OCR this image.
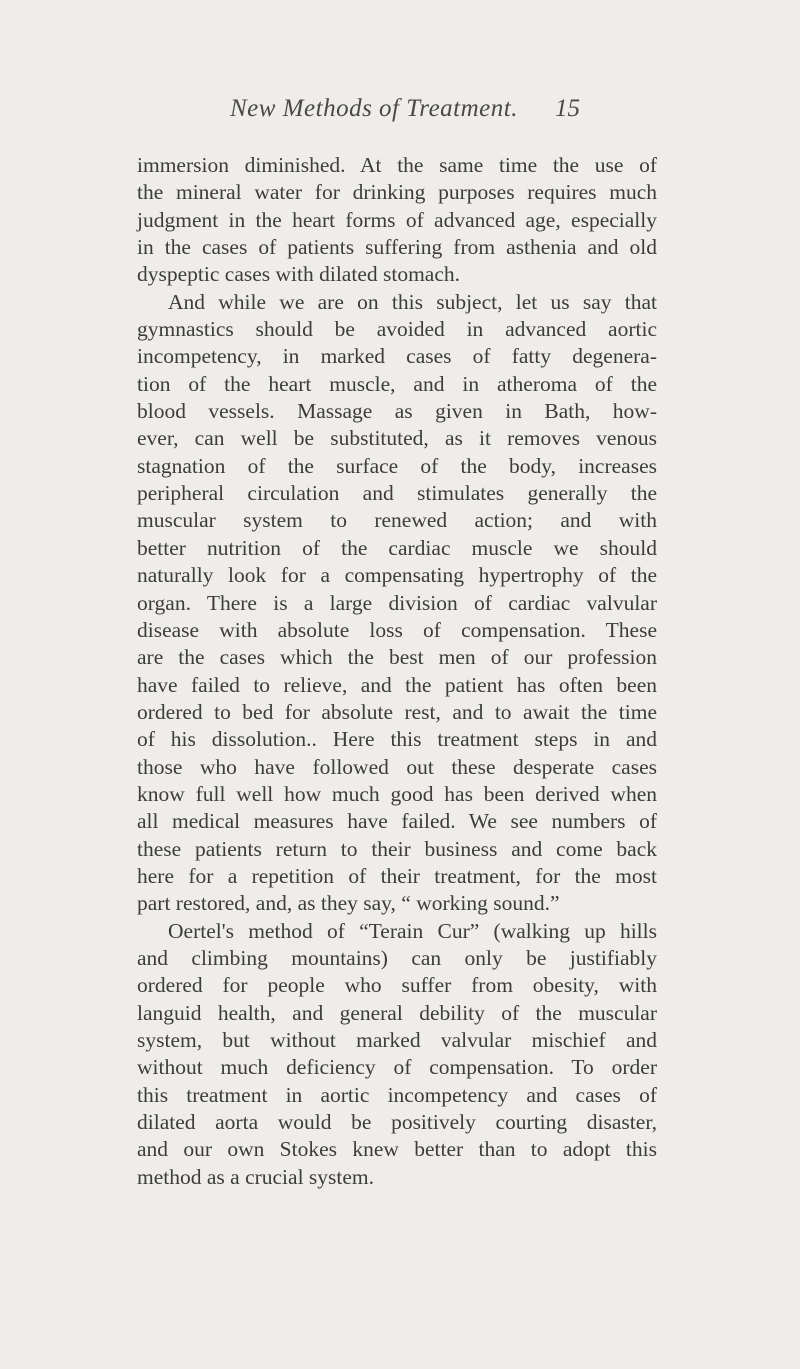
New Methods of Treatment. 15
immersion diminished. At the same time the use of
the mineral water for drinking purposes requires much
judgment in the heart forms of advanced age, especially
in the cases of patients suffering from asthenia and old
dyspeptic cases with dilated stomach.
And while we are on this subject, let us say that
gymnastics should be avoided in advanced aortic
incompetency, in marked cases of fatty degenera-
tion of the heart muscle, and in atheroma of the
blood vessels. Massage as given in Bath, how-
ever, can well be substituted, as it removes venous
stagnation of the surface of the body, increases
peripheral circulation and stimulates generally the
muscular system to renewed action; and with
better nutrition of the cardiac muscle we should
naturally look for a compensating hypertrophy of the
organ. There is a large division of cardiac valvular
disease with absolute loss of compensation. These
are the cases which the best men of our profession
have failed to relieve, and the patient has often been
ordered to bed for absolute rest, and to await the time
of his dissolution.. Here this treatment steps in and
those who have followed out these desperate cases
know full well how much good has been derived when
all medical measures have failed. We see numbers of
these patients return to their business and come back
here for a repetition of their treatment, for the most
part restored, and, as they say, “ working sound.”
Oertel's method of “Terain Cur” (walking up hills
and climbing mountains) can only be justifiably
ordered for people who suffer from obesity, with
languid health, and general debility of the muscular
system, but without marked valvular mischief and
without much deficiency of compensation. To order
this treatment in aortic incompetency and cases of
dilated aorta would be positively courting disaster,
and our own Stokes knew better than to adopt this
method as a crucial system.
